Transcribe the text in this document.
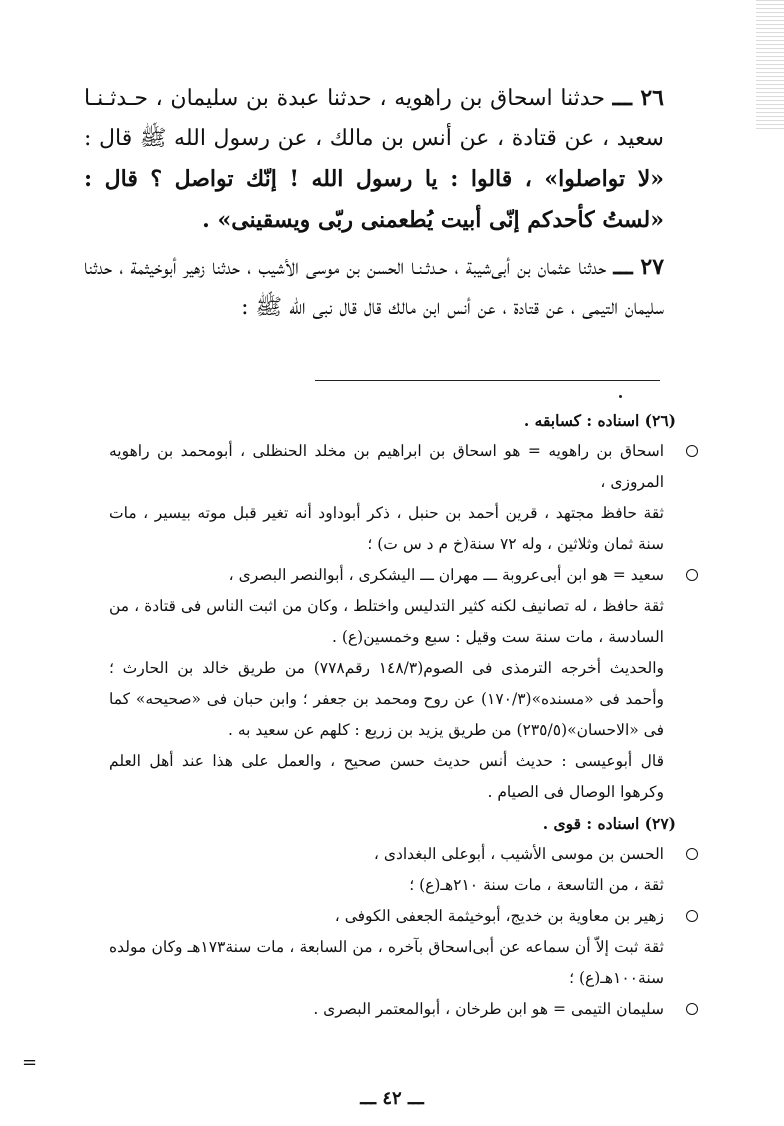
٢٦ ـــ حدثنا اسحاق بن راهويه ، حدثنا عبدة بن سليمان ، حـدثـنـا سعيد ، عن قتادة ، عن أنس بن مالك ، عن رسول الله ﷺ قال : «لا تواصلوا» ، قالوا : يا رسول الله ! إنّك تواصل ؟ قال : «لستُ كأحدكم إنّى أبيت يُطعمنى ربّى ويسقينى» .

٢٧ ـــ حدثنا عثمان بن أبى‌شيبة ، حـدثـنـا الحسن بن موسى الأشيب ، حدثنا زهير أبوخيثمة ، حدثنا سليمان التيمى ، عن قتادة ، عن أنس ابن مالك قال قال نبى الله ﷺ :

(٢٦) اسناده : كسابقه .
اسحاق بن راهويه = هو اسحاق بن ابراهيم بن مخلد الحنظلى ، أبومحمد بن راهويه المروزى ،
ثقة حافظ مجتهد ، قرين أحمد بن حنبل ، ذكر أبوداود أنه تغير قبل موته بيسير ، مات سنة ثمان وثلاثين ، وله ٧٢ سنة(خ م د س ت) ؛
سعيد = هو ابن أبى‌عروبة ـــ مهران ـــ اليشكرى ، أبوالنصر البصرى ،
ثقة حافظ ، له تصانيف لكنه كثير التدليس واختلط ، وكان من اثبت الناس فى قتادة ، من السادسة ، مات سنة ست وقيل : سبع وخمسين(ع) .
والحديث أخرجه الترمذى فى الصوم(١٤٨/٣ رقم٧٧٨) من طريق خالد بن الحارث ؛ وأحمد فى «مسنده»(١٧٠/٣) عن روح ومحمد بن جعفر ؛ وابن حبان فى «صحيحه» كما فى «الاحسان»(٢٣٥/٥) من طريق يزيد بن زريع : كلهم عن سعيد به .
قال أبوعيسى : حديث أنس حديث حسن صحيح ، والعمل على هذا عند أهل العلم وكرهوا الوصال فى الصيام .
(٢٧) اسناده : قوى .
الحسن بن موسى الأشيب ، أبوعلى البغدادى ،
ثقة ، من التاسعة ، مات سنة ٢١٠هـ(ع) ؛
زهير بن معاوية بن خديج، أبوخيثمة الجعفى الكوفى ،
ثقة ثبت إلاّ أن سماعه عن أبى‌اسحاق بآخره ، من السابعة ، مات سنة١٧٣هـ وكان مولده سنة١٠٠هـ(ع) ؛
سليمان التيمى = هو ابن طرخان ، أبوالمعتمر البصرى .
=
ـــ ٤٢ ـــ
